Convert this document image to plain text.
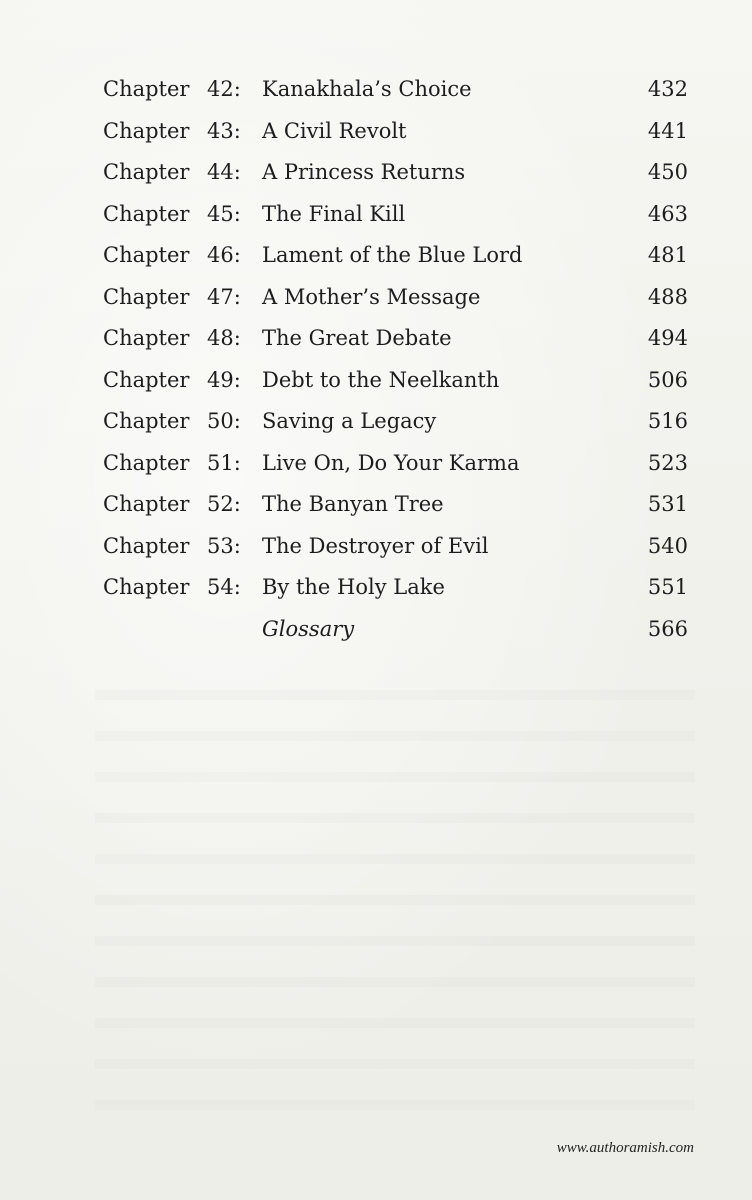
Chapter 42: Kanakhala’s Choice	432
Chapter 43: A Civil Revolt	441
Chapter 44: A Princess Returns	450
Chapter 45: The Final Kill	463
Chapter 46: Lament of the Blue Lord	481
Chapter 47: A Mother’s Message	488
Chapter 48: The Great Debate	494
Chapter 49: Debt to the Neelkanth	506
Chapter 50: Saving a Legacy	516
Chapter 51: Live On, Do Your Karma	523
Chapter 52: The Banyan Tree	531
Chapter 53: The Destroyer of Evil	540
Chapter 54: By the Holy Lake	551
Glossary	566
www.authoramish.com
